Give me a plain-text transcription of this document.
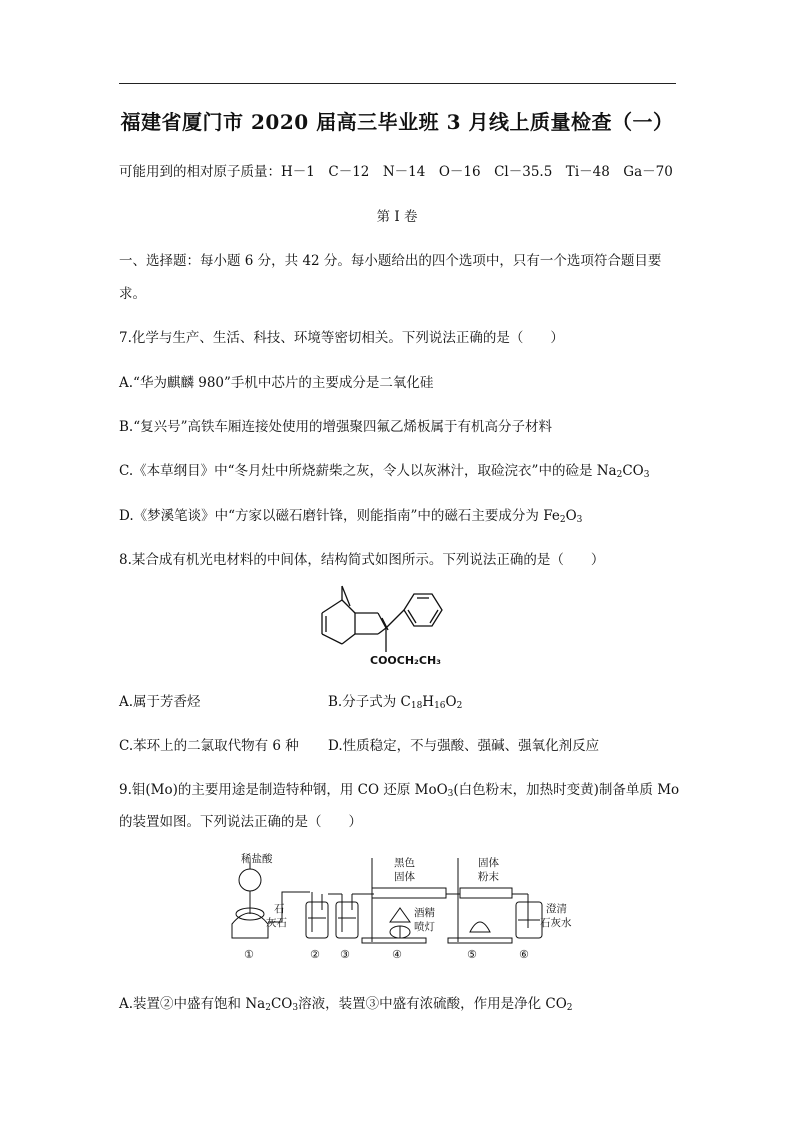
福建省厦门市 2020 届高三毕业班 3 月线上质量检查（一）
可能用到的相对原子质量：H－1　C－12　N－14　O－16　Cl－35.5　Ti－48　Ga－70
第 I 卷
一、选择题：每小题 6 分，共 42 分。每小题给出的四个选项中，只有一个选项符合题目要
求。
7.化学与生产、生活、科技、环境等密切相关。下列说法正确的是（　　）
A.“华为麒麟 980”手机中芯片的主要成分是二氧化硅
B.“复兴号”高铁车厢连接处使用的增强聚四氟乙烯板属于有机高分子材料
C.《本草纲目》中“冬月灶中所烧薪柴之灰，令人以灰淋汁，取硷浣衣”中的硷是 $Na_2CO_3$
D.《梦溪笔谈》中“方家以磁石磨针锋，则能指南”中的磁石主要成分为 $Fe_2O_3$
8.某合成有机光电材料的中间体，结构简式如图所示。下列说法正确的是（　　）
COOCH₂CH₃
A.属于芳香烃	B.分子式为 $C_{18}H_{16}O_2$
C.苯环上的二氯取代物有 6 种 D.性质稳定，不与强酸、强碱、强氧化剂反应
9.钼(Mo)的主要用途是制造特种钢，用 CO 还原 MoO$_3$(白色粉末，加热时变黄)制备单质 Mo
的装置如图。下列说法正确的是（　　）
稀盐酸
石
灰石
黑色
固体
酒精
喷灯
固体
粉末
澄清
石灰水
①	② ③	④	⑤	⑥
A.装置②中盛有饱和 $Na_2CO_3$溶液，装置③中盛有浓硫酸，作用是净化 $CO_2$
